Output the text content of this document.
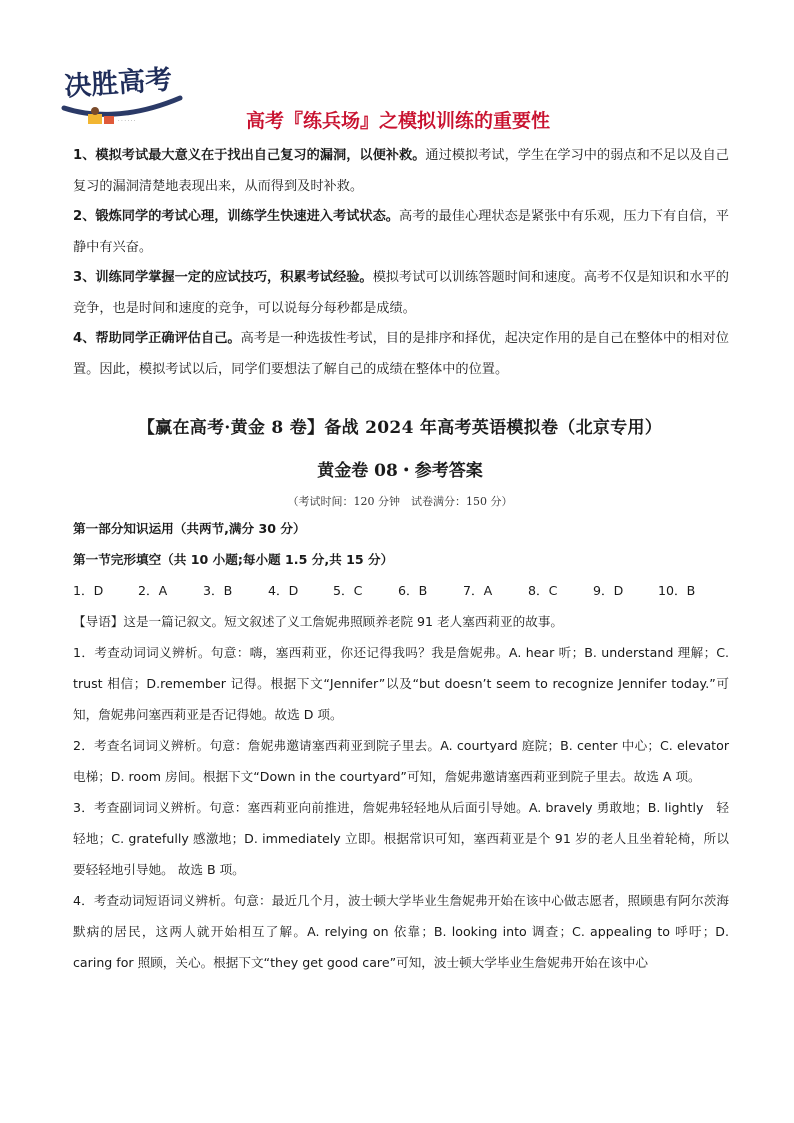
决胜高考
· · · · · ·	高考『练兵场』之模拟训练的重要性

1、模拟考试最大意义在于找出自己复习的漏洞，以便补救。通过模拟考试，学生在学习中的弱点和不足以及自己复习的漏洞清楚地表现出来，从而得到及时补救。

2、锻炼同学的考试心理，训练学生快速进入考试状态。高考的最佳心理状态是紧张中有乐观，压力下有自信，平静中有兴奋。

3、训练同学掌握一定的应试技巧，积累考试经验。模拟考试可以训练答题时间和速度。高考不仅是知识和水平的竞争，也是时间和速度的竞争，可以说每分每秒都是成绩。

4、帮助同学正确评估自己。高考是一种选拔性考试，目的是排序和择优，起决定作用的是自己在整体中的相对位置。因此，模拟考试以后，同学们要想法了解自己的成绩在整体中的位置。

【赢在高考·黄金 8 卷】备战 2024 年高考英语模拟卷（北京专用）
黄金卷 08・参考答案
（考试时间：120 分钟　试卷满分：150 分）

第一部分知识运用（共两节,满分 30 分）

第一节完形填空（共 10 小题;每小题 1.5 分,共 15 分）

1．D	2．A	3．B	4．D	5．C	6．B	7．A	8．C	9．D	10．B

【导语】这是一篇记叙文。短文叙述了义工詹妮弗照顾养老院 91 老人塞西莉亚的故事。

1．考查动词词义辨析。句意：嗨，塞西莉亚，你还记得我吗？我是詹妮弗。A. hear 听；B. understand 理解；C. trust 相信；D.remember 记得。根据下文“Jennifer”以及“but doesn’t seem to recognize Jennifer today.”可知，詹妮弗问塞西莉亚是否记得她。故选 D 项。

2．考查名词词义辨析。句意：詹妮弗邀请塞西莉亚到院子里去。A. courtyard 庭院；B. center 中心；C. elevator 电梯；D. room 房间。根据下文“Down in the courtyard”可知，詹妮弗邀请塞西莉亚到院子里去。故选 A 项。

3．考查副词词义辨析。句意：塞西莉亚向前推进，詹妮弗轻轻地从后面引导她。A. bravely 勇敢地；B. lightly　轻轻地；C. gratefully 感激地；D. immediately 立即。根据常识可知，塞西莉亚是个 91 岁的老人且坐着轮椅，所以要轻轻地引导她。 故选 B 项。

4．考查动词短语词义辨析。句意：最近几个月，波士顿大学毕业生詹妮弗开始在该中心做志愿者，照顾患有阿尔茨海默病的居民，这两人就开始相互了解。A. relying on 依靠；B. looking into 调查；C. appealing to 呼吁；D. caring for 照顾，关心。根据下文“they get good care”可知，波士顿大学毕业生詹妮弗开始在该中心
